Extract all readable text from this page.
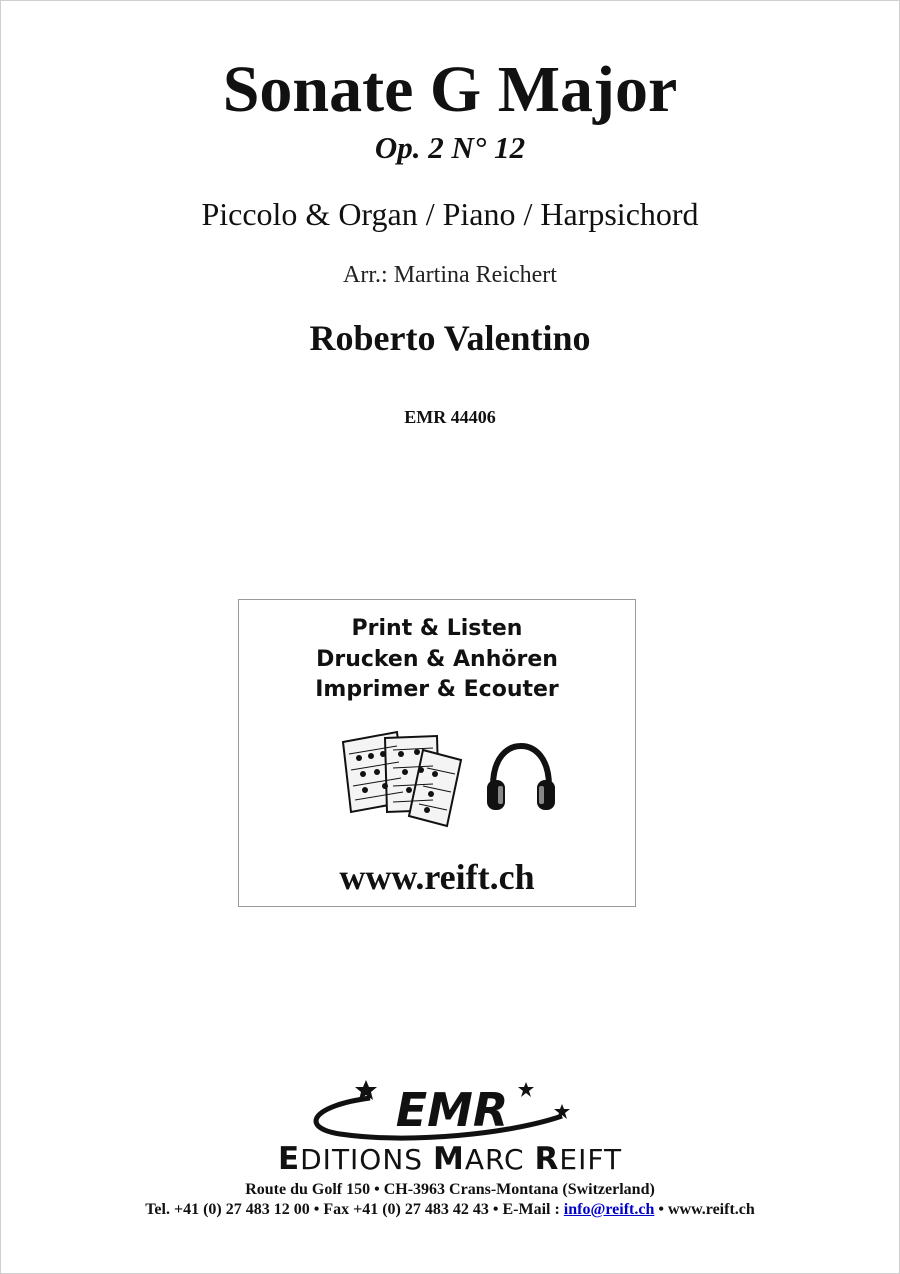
Sonate G Major
Op. 2 N° 12
Piccolo & Organ / Piano / Harpsichord
Arr.: Martina Reichert
Roberto Valentino
EMR 44406
Print & Listen
Drucken & Anhören
Imprimer & Ecouter
www.reift.ch
EMR
EDITIONS MARC REIFT
Route du Golf 150 • CH-3963 Crans-Montana (Switzerland)
Tel. +41 (0) 27 483 12 00 • Fax +41 (0) 27 483 42 43 • E-Mail : info@reift.ch • www.reift.ch
